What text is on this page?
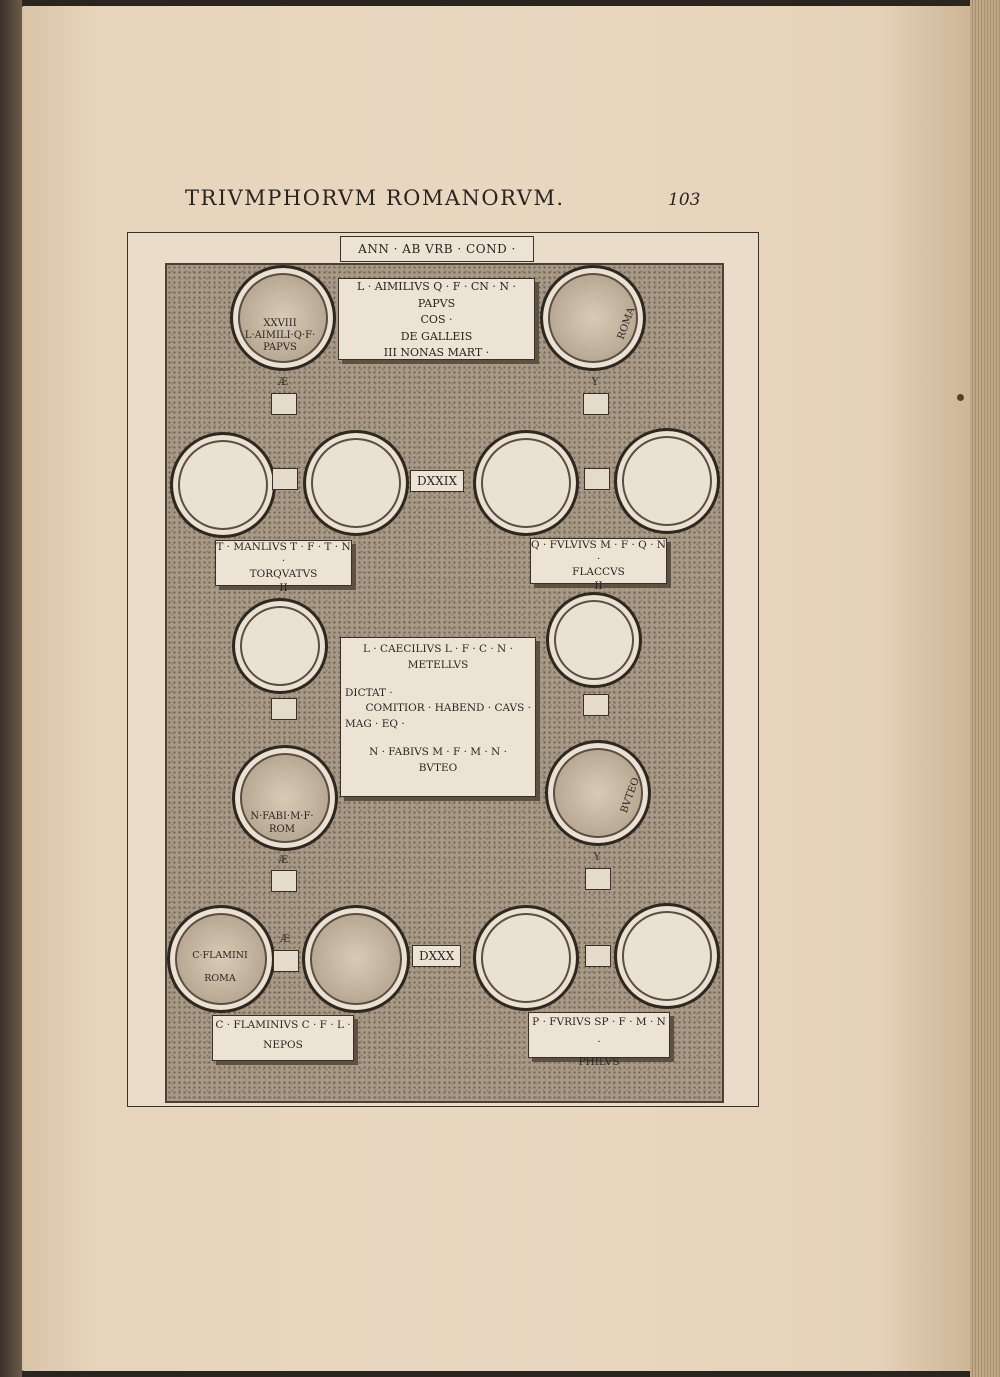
TRIVMPHORVM ROMANORVM.	103
ANN · AB VRB · COND ·
XXVIII
L·AIMILI·Q·F·
PAPVS
Æ
L · AIMILIVS Q · F · CN · N · PAPVS
COS ·
DE GALLEIS
III NONAS MART ·
ROMA
Y
DXXIX
T · MANLIVS T · F · T · N ·
TORQVATVS
II
Q · FVLVIVS M · F · Q · N ·
FLACCVS
II
L · CAECILIVS L · F · C · N ·
METELLVS
DICTAT ·
COMITIOR · HABEND · CAVS ·
MAG · EQ ·
N · FABIVS M · F · M · N ·
BVTEO
N·FABI·M·F·
ROM
Æ
BVTEO
Y
C·FLAMINI
ROMA
Æ
DXXX
C · FLAMINIVS C · F · L ·
NEPOS
P · FVRIVS SP · F · M · N ·
PHILVS
